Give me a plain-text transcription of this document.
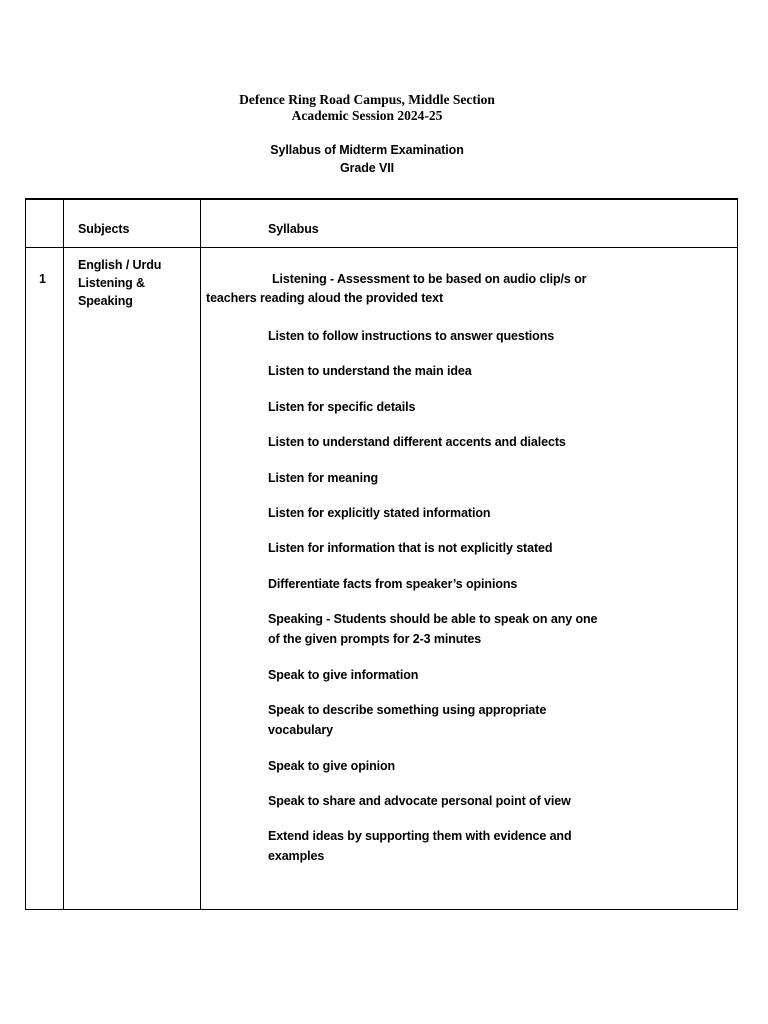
Defence Ring Road Campus, Middle Section
Academic Session 2024-25
Syllabus of Midterm Examination
Grade VII
Subjects	Syllabus
1
English / Urdu
Listening &
Speaking
Listening - Assessment to be based on audio clip/s or
teachers reading aloud the provided text
Listen to follow instructions to answer questions
Listen to understand the main idea
Listen for specific details
Listen to understand different accents and dialects
Listen for meaning
Listen for explicitly stated information
Listen for information that is not explicitly stated
Differentiate facts from speaker’s opinions
Speaking - Students should be able to speak on any one of the given prompts for 2-3 minutes
Speak to give information
Speak to describe something using appropriate vocabulary
Speak to give opinion
Speak to share and advocate personal point of view
Extend ideas by supporting them with evidence and examples
